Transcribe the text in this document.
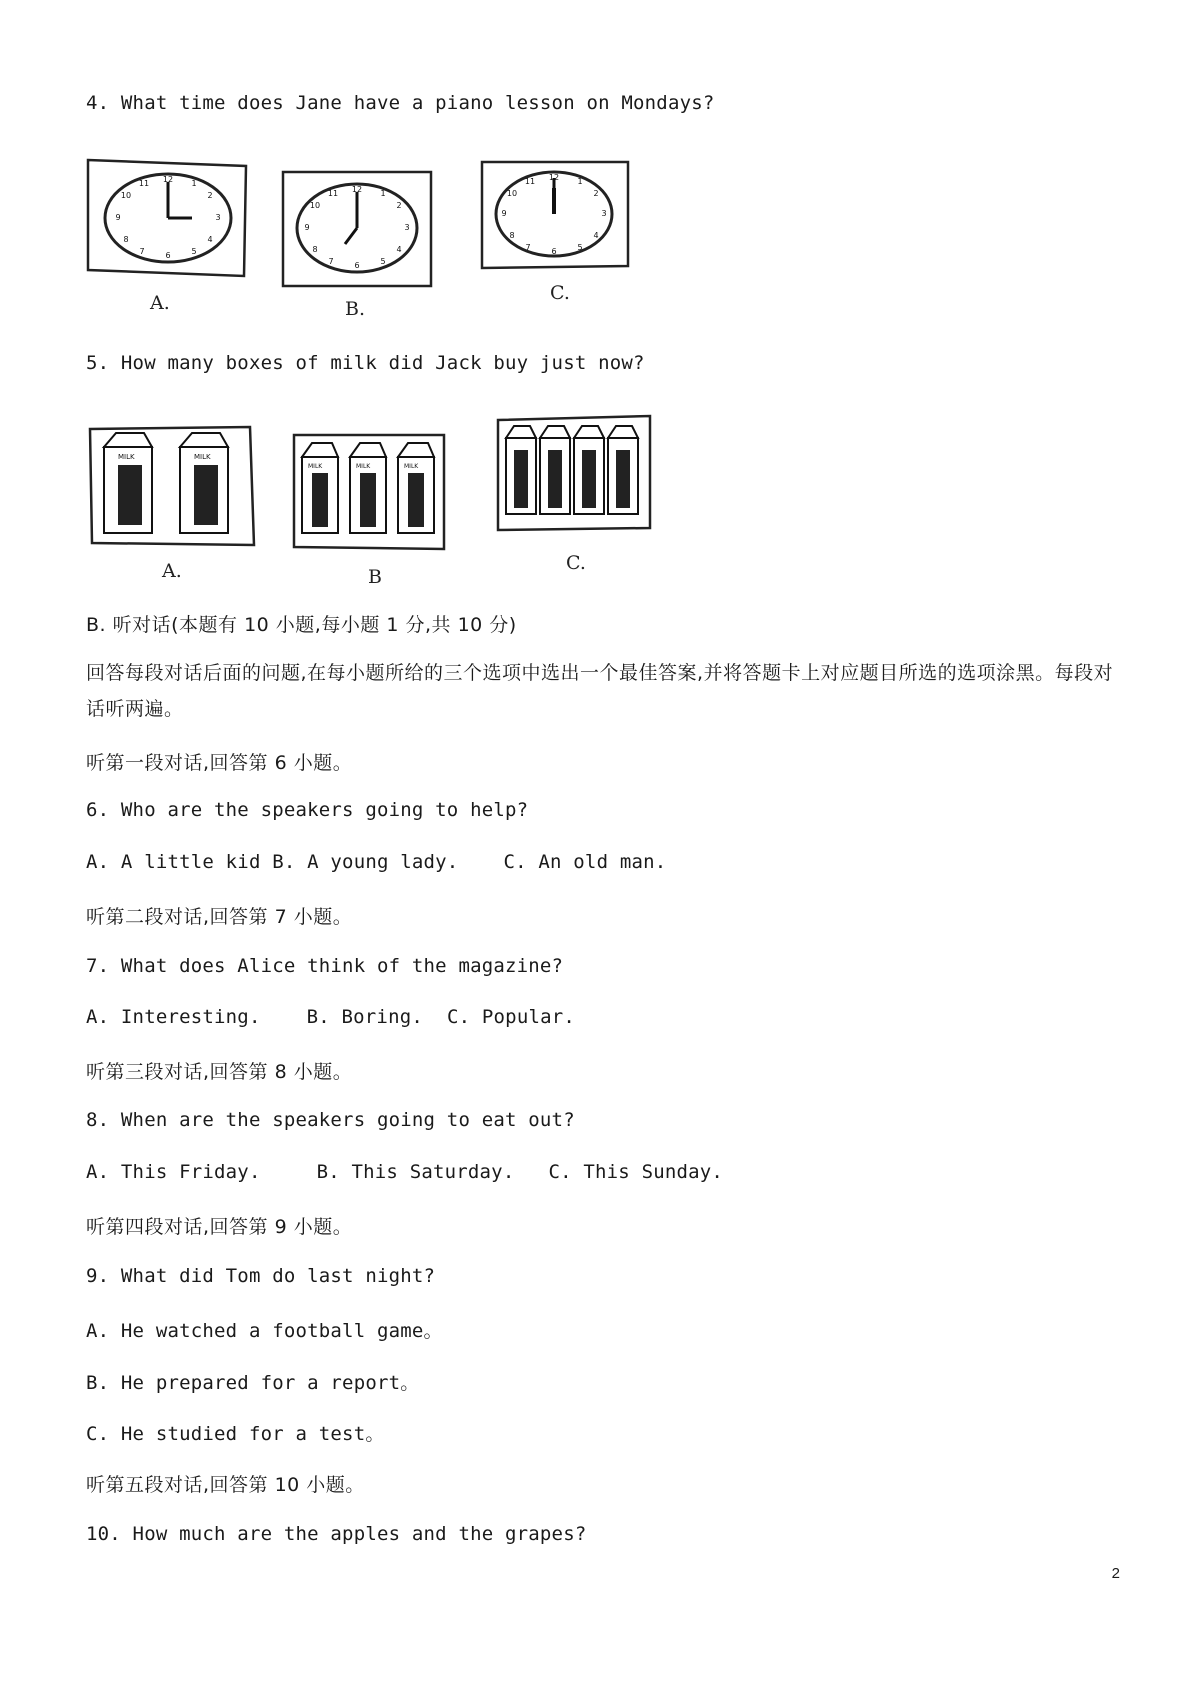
4. What time does Jane have a piano lesson on Mondays?
12 1
2
3
4
5
6
7
8
9
10
11
A.
12 1
2
3
4
5
6
7
8
9
10
11
B.
12 1
2
3
4
5
6
7
8
9
10
11
C.
5. How many boxes of milk did Jack buy just now?
MILK	MILK
A.
MILK	MILK	MILK
B
C.
B. 听对话(本题有 10 小题,每小题 1 分,共 10 分)
回答每段对话后面的问题,在每小题所给的三个选项中选出一个最佳答案,并将答题卡上对应题目所选的选项涂黑。每段对话听两遍。
听第一段对话,回答第 6 小题。
6. Who are the speakers going to help?
A. A little kid B. A young lady. C. An old man.
听第二段对话,回答第 7 小题。
7. What does Alice think of the magazine?
A. Interesting. B. Boring. C. Popular.
听第三段对话,回答第 8 小题。
8. When are the speakers going to eat out?
A. This Friday.	B. This Saturday. C. This Sunday.
听第四段对话,回答第 9 小题。
9. What did Tom do last night?
A. He watched a football game。
B. He prepared for a report。
C. He studied for a test。
听第五段对话,回答第 10 小题。
10. How much are the apples and the grapes?
2
